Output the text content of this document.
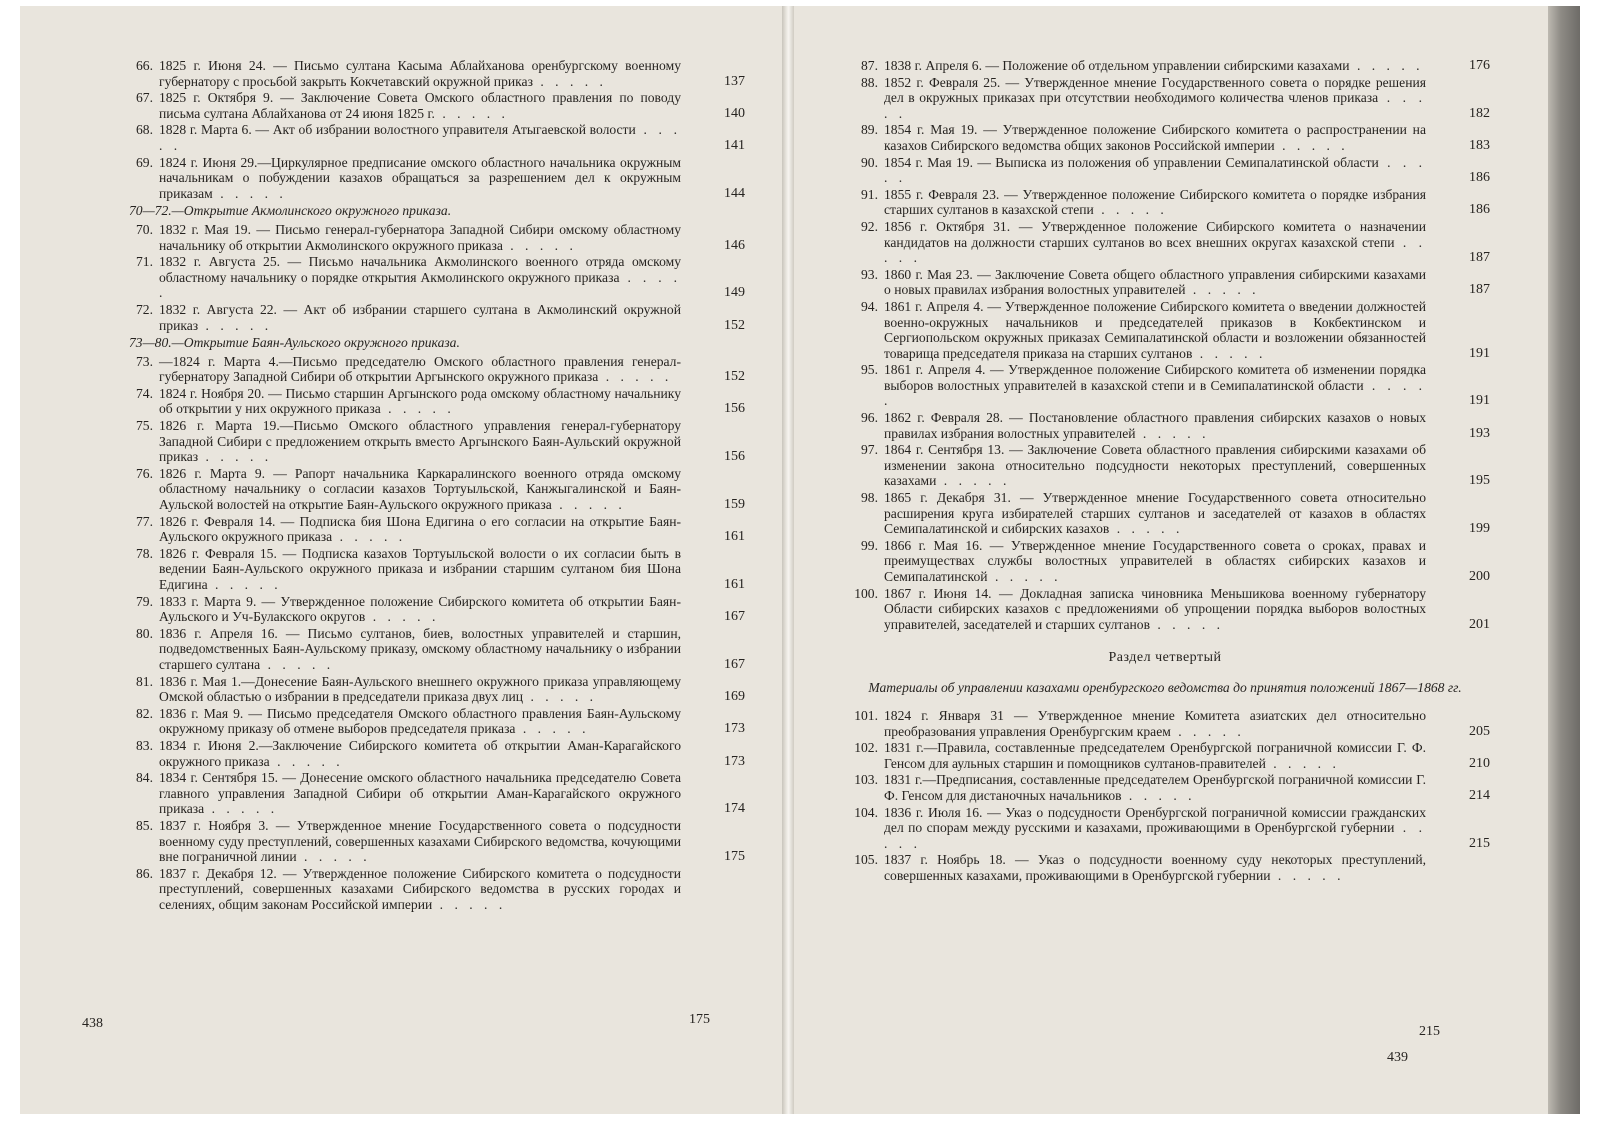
66. 1825 г. Июня 24. — Письмо султана Касыма Аблайханова оренбургскому военному губернатору с просьбой закрыть Кокчетавский окружной приказ . . . . .	137
67. 1825 г. Октября 9. — Заключение Совета Омского областного правления по поводу письма султана Аблайханова от 24 июня 1825 г. . . . . .	140
68. 1828 г. Марта 6. — Акт об избрании волостного управителя Атыгаевской волости . . . . .	141
69. 1824 г. Июня 29.—Циркулярное предписание омского областного начальника окружным начальникам о побуждении казахов обращаться за разрешением дел к окружным приказам . . . . .	144
70—72.—Открытие Акмолинского окружного приказа.
70. 1832 г. Мая 19. — Письмо генерал-губернатора Западной Сибири омскому областному начальнику об открытии Акмолинского окружного приказа . . . . .	146
71. 1832 г. Августа 25. — Письмо начальника Акмолинского военного отряда омскому областному начальнику о порядке открытия Акмолинского окружного приказа . . . . .	149
72. 1832 г. Августа 22. — Акт об избрании старшего султана в Акмолинский окружной приказ . . . . .	152
73—80.—Открытие Баян-Аульского окружного приказа.
73. —1824 г. Марта 4.—Письмо председателю Омского областного правления генерал-губернатору Западной Сибири об открытии Аргынского окружного приказа . . . . .	152
74. 1824 г. Ноября 20. — Письмо старшин Аргынского рода омскому областному начальнику об открытии у них окружного приказа . . . . .	156
75. 1826 г. Марта 19.—Письмо Омского областного управления генерал-губернатору Западной Сибири с предложением открыть вместо Аргынского Баян-Аульский окружной приказ . . . . .	156
76. 1826 г. Марта 9. — Рапорт начальника Каркаралинского военного отряда омскому областному начальнику о согласии казахов Тортуыльской, Канжыгалинской и Баян-Аульской волостей на открытие Баян-Аульского окружного приказа . . . . .	159
77. 1826 г. Февраля 14. — Подписка бия Шона Едигина о его согласии на открытие Баян-Аульского окружного приказа . . . . .	161
78. 1826 г. Февраля 15. — Подписка казахов Тортуыльской волости о их согласии быть в ведении Баян-Аульского окружного приказа и избрании старшим султаном бия Шона Едигина . . . . .	161
79. 1833 г. Марта 9. — Утвержденное положение Сибирского комитета об открытии Баян-Аульского и Уч-Булакского округов . . . . .	167
80. 1836 г. Апреля 16. — Письмо султанов, биев, волостных управителей и старшин, подведомственных Баян-Аульскому приказу, омскому областному начальнику о избрании старшего султана . . . . .	167
81. 1836 г. Мая 1.—Донесение Баян-Аульского внешнего окружного приказа управляющему Омской областью о избрании в председатели приказа двух лиц . . . . .	169
82. 1836 г. Мая 9. — Письмо председателя Омского областного правления Баян-Аульскому окружному приказу об отмене выборов председателя приказа . . . . .	173
83. 1834 г. Июня 2.—Заключение Сибирского комитета об открытии Аман-Карагайского окружного приказа . . . . .	173
84. 1834 г. Сентября 15. — Донесение омского областного начальника председателю Совета главного управления Западной Сибири об открытии Аман-Карагайского окружного приказа . . . . .	174
85. 1837 г. Ноября 3. — Утвержденное мнение Государственного совета о подсудности военному суду преступлений, совершенных казахами Сибирского ведомства, кочующими вне пограничной линии . . . . .	175
86. 1837 г. Декабря 12. — Утвержденное положение Сибирского комитета о подсудности преступлений, совершенных казахами Сибирского ведомства в русских городах и селениях, общим законам Российской империи . . . . .
175
438
87. 1838 г. Апреля 6. — Положение об отдельном управлении сибирскими казахами . . . . .	176
88. 1852 г. Февраля 25. — Утвержденное мнение Государственного совета о порядке решения дел в окружных приказах при отсутствии необходимого количества членов приказа . . . . .	182
89. 1854 г. Мая 19. — Утвержденное положение Сибирского комитета о распространении на казахов Сибирского ведомства общих законов Российской империи . . . . .	183
90. 1854 г. Мая 19. — Выписка из положения об управлении Семипалатинской области . . . . .	186
91. 1855 г. Февраля 23. — Утвержденное положение Сибирского комитета о порядке избрания старших султанов в казахской степи . . . . .	186
92. 1856 г. Октября 31. — Утвержденное положение Сибирского комитета о назначении кандидатов на должности старших султанов во всех внешних округах казахской степи . . . . .	187
93. 1860 г. Мая 23. — Заключение Совета общего областного управления сибирскими казахами о новых правилах избрания волостных управителей . . . . .	187
94. 1861 г. Апреля 4. — Утвержденное положение Сибирского комитета о введении должностей военно-окружных начальников и председателей приказов в Кокбектинском и Сергиопольском окружных приказах Семипалатинской области и возложении обязанностей товарища председателя приказа на старших султанов . . . . .	191
95. 1861 г. Апреля 4. — Утвержденное положение Сибирского комитета об изменении порядка выборов волостных управителей в казахской степи и в Семипалатинской области . . . . .	191
96. 1862 г. Февраля 28. — Постановление областного правления сибирских казахов о новых правилах избрания волостных управителей . . . . .	193
97. 1864 г. Сентября 13. — Заключение Совета областного правления сибирскими казахами об изменении закона относительно подсудности некоторых преступлений, совершенных казахами . . . . .	195
98. 1865 г. Декабря 31. — Утвержденное мнение Государственного совета относительно расширения круга избирателей старших султанов и заседателей от казахов в областях Семипалатинской и сибирских казахов . . . . .	199
99. 1866 г. Мая 16. — Утвержденное мнение Государственного совета о сроках, правах и преимуществах службы волостных управителей в областях сибирских казахов и Семипалатинской . . . . .	200
100. 1867 г. Июня 14. — Докладная записка чиновника Меньшикова военному губернатору Области сибирских казахов с предложениями об упрощении порядка выборов волостных управителей, заседателей и старших султанов . . . . .	201
Раздел четвертый
Материалы об управлении казахами оренбургского ведомства до принятия положений 1867—1868 гг.
101. 1824 г. Января 31 — Утвержденное мнение Комитета азиатских дел относительно преобразования управления Оренбургским краем . . . . .	205
102. 1831 г.—Правила, составленные председателем Оренбургской пограничной комиссии Г. Ф. Генсом для аульных старшин и помощников султанов-правителей . . . . .	210
103. 1831 г.—Предписания, составленные председателем Оренбургской пограничной комиссии Г. Ф. Генсом для дистаночных начальников . . . . .	214
104. 1836 г. Июля 16. — Указ о подсудности Оренбургской пограничной комиссии гражданских дел по спорам между русскими и казахами, проживающими в Оренбургской губернии . . . . .	215
105. 1837 г. Ноябрь 18. — Указ о подсудности военному суду некоторых преступлений, совершенных казахами, проживающими в Оренбургской губернии . . . . .
215
439
